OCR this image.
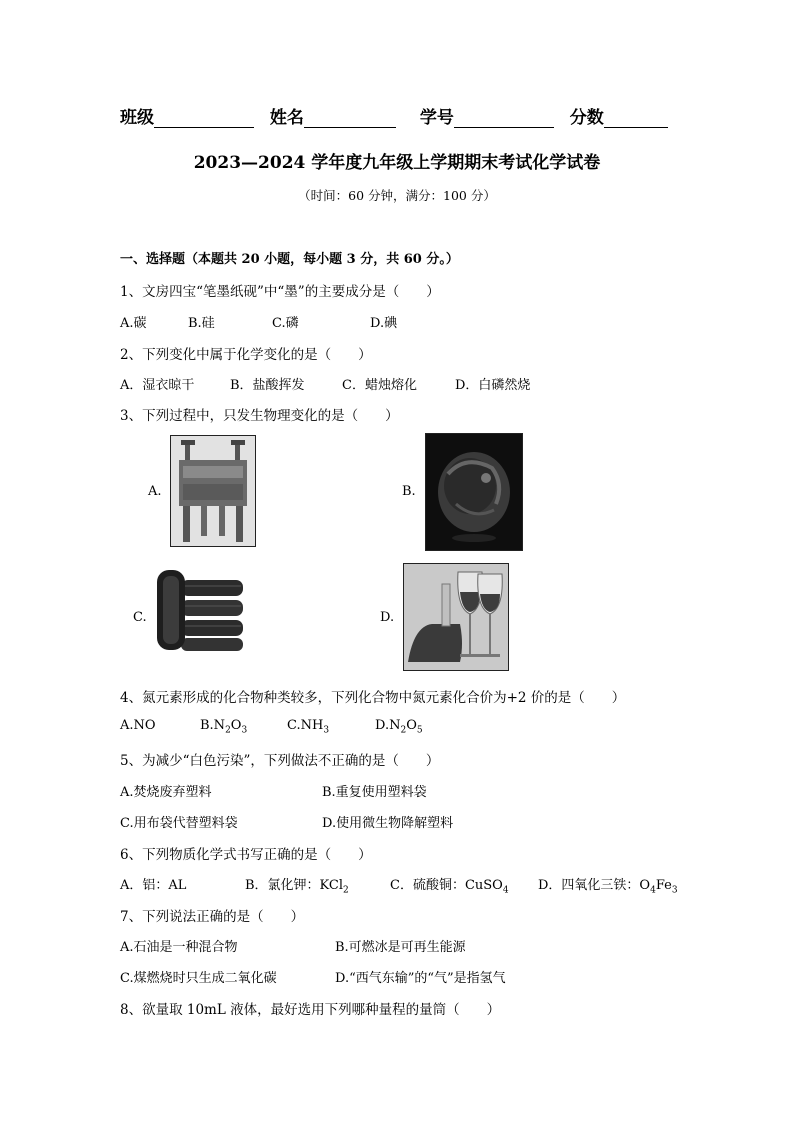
班级	姓名	学号	分数
2023—2024 学年度九年级上学期期末考试化学试卷
（时间：60 分钟，满分：100 分）
一、选择题（本题共 20 小题，每小题 3 分，共 60 分。）
1、文房四宝“笔墨纸砚”中“墨”的主要成分是（　　）
A.碳	B.硅	C.磷	D.碘
2、下列变化中属于化学变化的是（　　）
A．湿衣晾干	B．盐酸挥发	C．蜡烛熔化	D．白磷然烧
3、下列过程中，只发生物理变化的是（　　）
A.	B.
C.	D.
4、氮元素形成的化合物种类较多，下列化合物中氮元素化合价为+2 价的是（　　）
A.NO	$B.N_2O_3$	$C.NH_3$	$D.N_2O_5$
5、为减少“白色污染”，下列做法不正确的是（　　）
A.焚烧废弃塑料	B.重复使用塑料袋
C.用布袋代替塑料袋	D.使用微生物降解塑料
6、下列物质化学式书写正确的是（　　）
A．铝：AL	B．氯化钾：KCl$_2$	C．硫酸铜：CuSO$_4$ D．四氧化三铁：$O_4Fe_3$
7、下列说法正确的是（　　）
A.石油是一种混合物	B.可燃冰是可再生能源
C.煤燃烧时只生成二氧化碳	D.“西气东输”的“气”是指氢气
8、欲量取 10mL 液体，最好选用下列哪种量程的量筒（　　）
